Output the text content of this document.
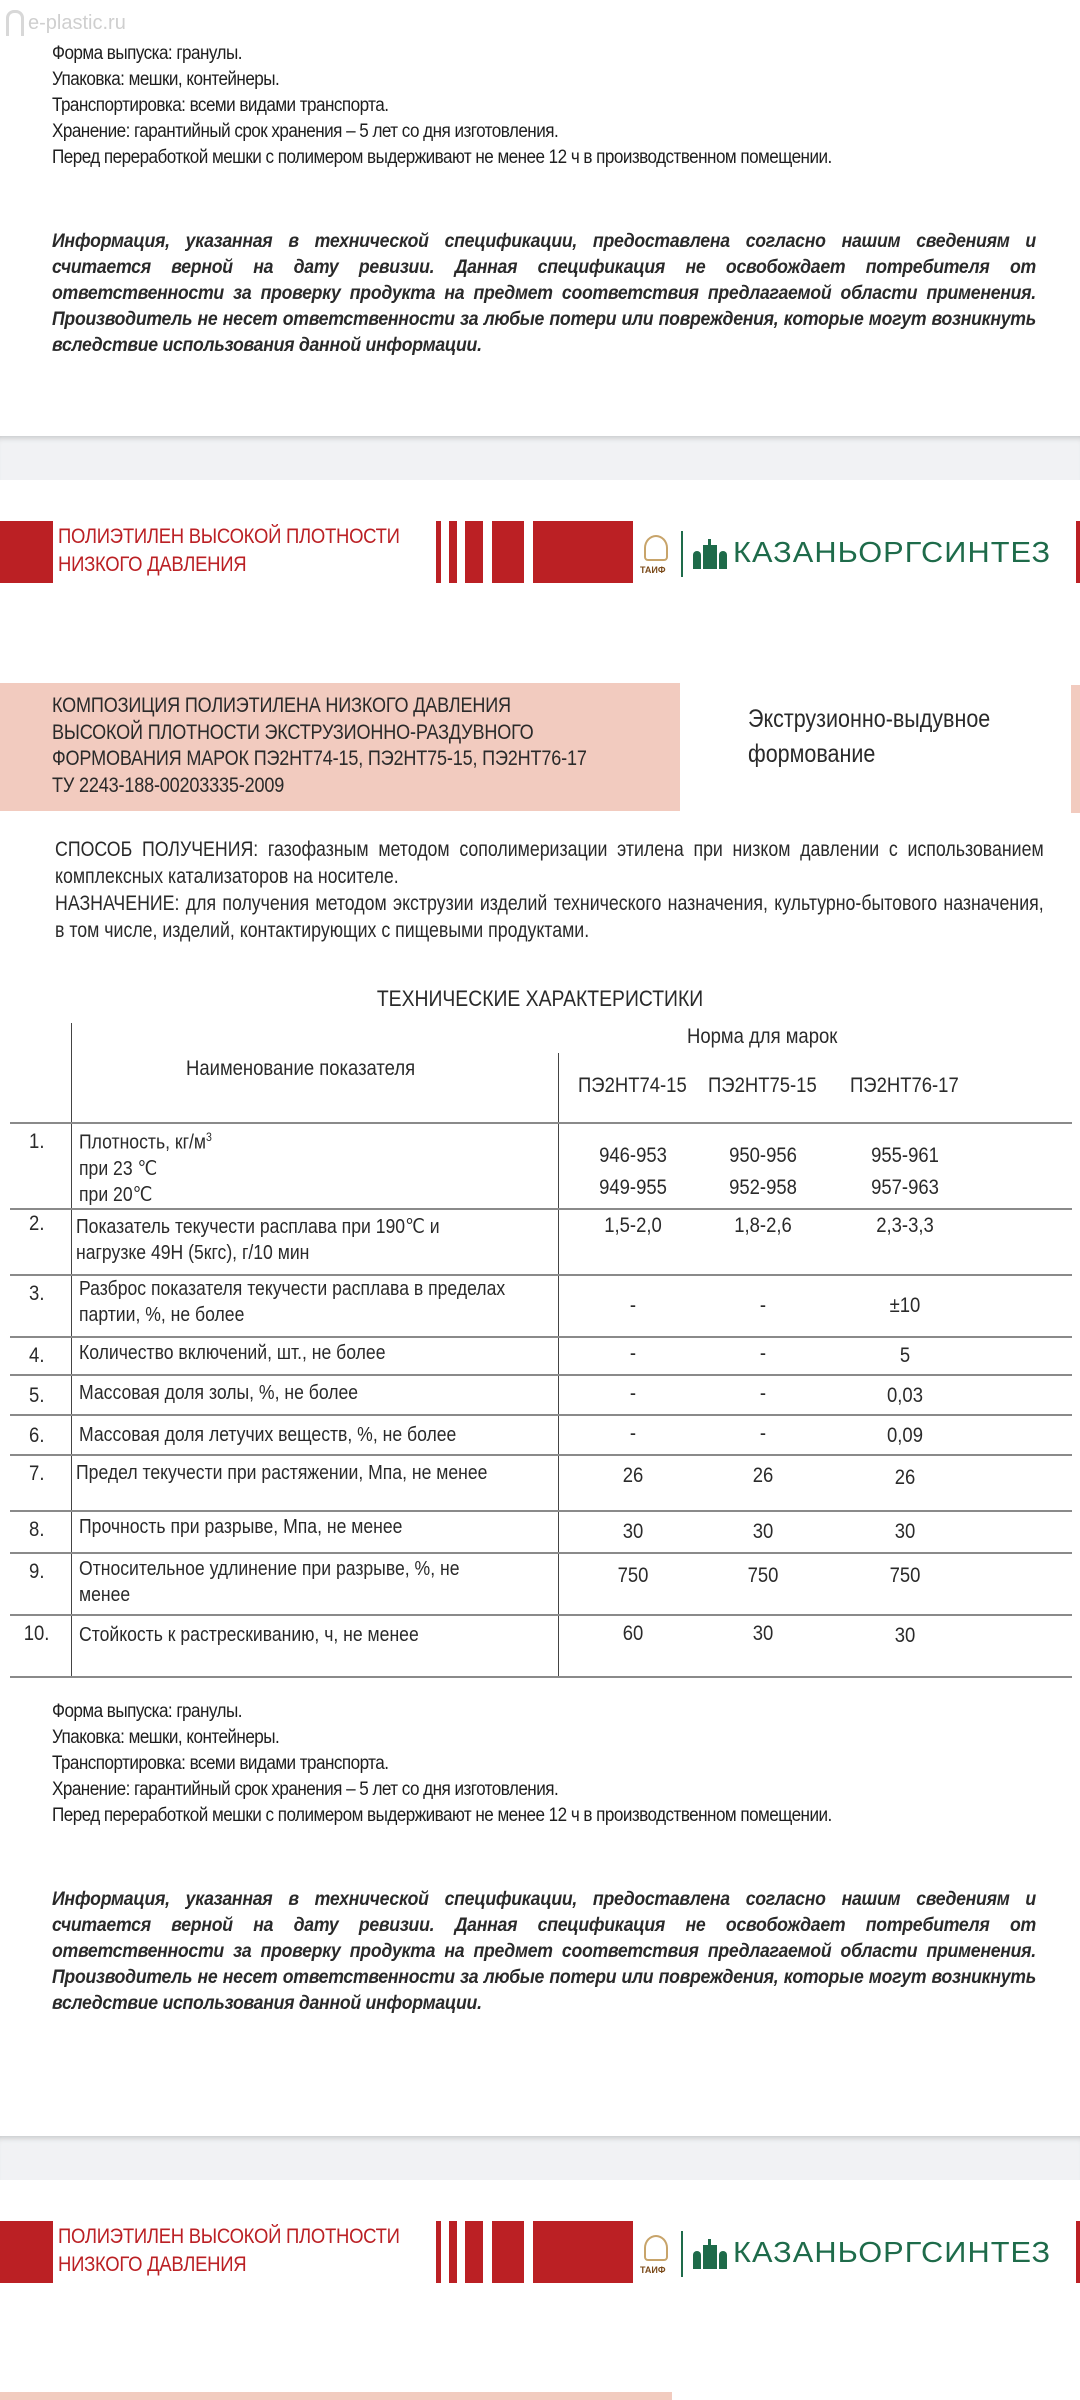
e-plastic.ru
Форма выпуска: гранулы.
Упаковка: мешки, контейнеры.
Транспортировка: всеми видами транспорта.
Хранение: гарантийный срок хранения – 5 лет со дня изготовления.
Перед переработкой мешки с полимером выдерживают не менее 12 ч в производственном помещении.
Информация, указанная в технической спецификации, предоставлена согласно нашим сведениям и считается верной на дату ревизии. Данная спецификация не освобождает потребителя от ответственности за проверку продукта на предмет соответствия предлагаемой области применения. Производитель не несет ответственности за любые потери или повреждения, которые могут возникнуть вследствие использования данной информации.
ПОЛИЭТИЛЕН ВЫСОКОЙ ПЛОТНОСТИ
НИЗКОГО ДАВЛЕНИЯ	ТАИФ
КАЗАНЬОРГСИНТЕЗ
КОМПОЗИЦИЯ ПОЛИЭТИЛЕНА НИЗКОГО ДАВЛЕНИЯ
ВЫСОКОЙ ПЛОТНОСТИ ЭКСТРУЗИОННО-РАЗДУВНОГО
ФОРМОВАНИЯ МАРОК ПЭ2НТ74-15, ПЭ2НТ75-15, ПЭ2НТ76-17
ТУ 2243-188-00203335-2009
Экструзионно-выдувное
формование
СПОСОБ ПОЛУЧЕНИЯ: газофазным методом сополимеризации этилена при низком давлении с использованием комплексных катализаторов на носителе.
НАЗНАЧЕНИЕ: для получения методом экструзии изделий технического назначения, культурно-бытового назначения, в том числе, изделий, контактирующих с пищевыми продуктами.
ТЕХНИЧЕСКИЕ ХАРАКТЕРИСТИКИ
Наименование показателя
Норма для марок
ПЭ2НТ74-15 ПЭ2НТ75-15 ПЭ2НТ76-17
1. Плотность, $кг/м^3$
при 23 ℃
при 20℃
946-953	950-956	955-961
949-955	952-958	957-963
2. Показатель текучести расплава при 190℃ и
нагрузке 49Н (5кгс), г/10 мин
1,5-2,0	1,8-2,6	2,3-3,3
3. Разброс показателя текучести расплава в пределах
партии, %, не более	-	-	±10
4. Количество включений, шт., не более	-	-	5
5. Массовая доля золы, %, не более	-	-	0,03
6. Массовая доля летучих веществ, %, не более	-	-	0,09
7. Предел текучести при растяжении, Мпа, не менее	26	26	26
8. Прочность при разрыве, Мпа, не менее	30	30	30
9. Относительное удлинение при разрыве, %, не
менее
750	750	750
10. Стойкость к растрескиванию, ч, не менее	60	30	30
Форма выпуска: гранулы.
Упаковка: мешки, контейнеры.
Транспортировка: всеми видами транспорта.
Хранение: гарантийный срок хранения – 5 лет со дня изготовления.
Перед переработкой мешки с полимером выдерживают не менее 12 ч в производственном помещении.
Информация, указанная в технической спецификации, предоставлена согласно нашим сведениям и считается верной на дату ревизии. Данная спецификация не освобождает потребителя от ответственности за проверку продукта на предмет соответствия предлагаемой области применения. Производитель не несет ответственности за любые потери или повреждения, которые могут возникнуть вследствие использования данной информации.
ПОЛИЭТИЛЕН ВЫСОКОЙ ПЛОТНОСТИ
НИЗКОГО ДАВЛЕНИЯ	ТАИФ
КАЗАНЬОРГСИНТЕЗ
